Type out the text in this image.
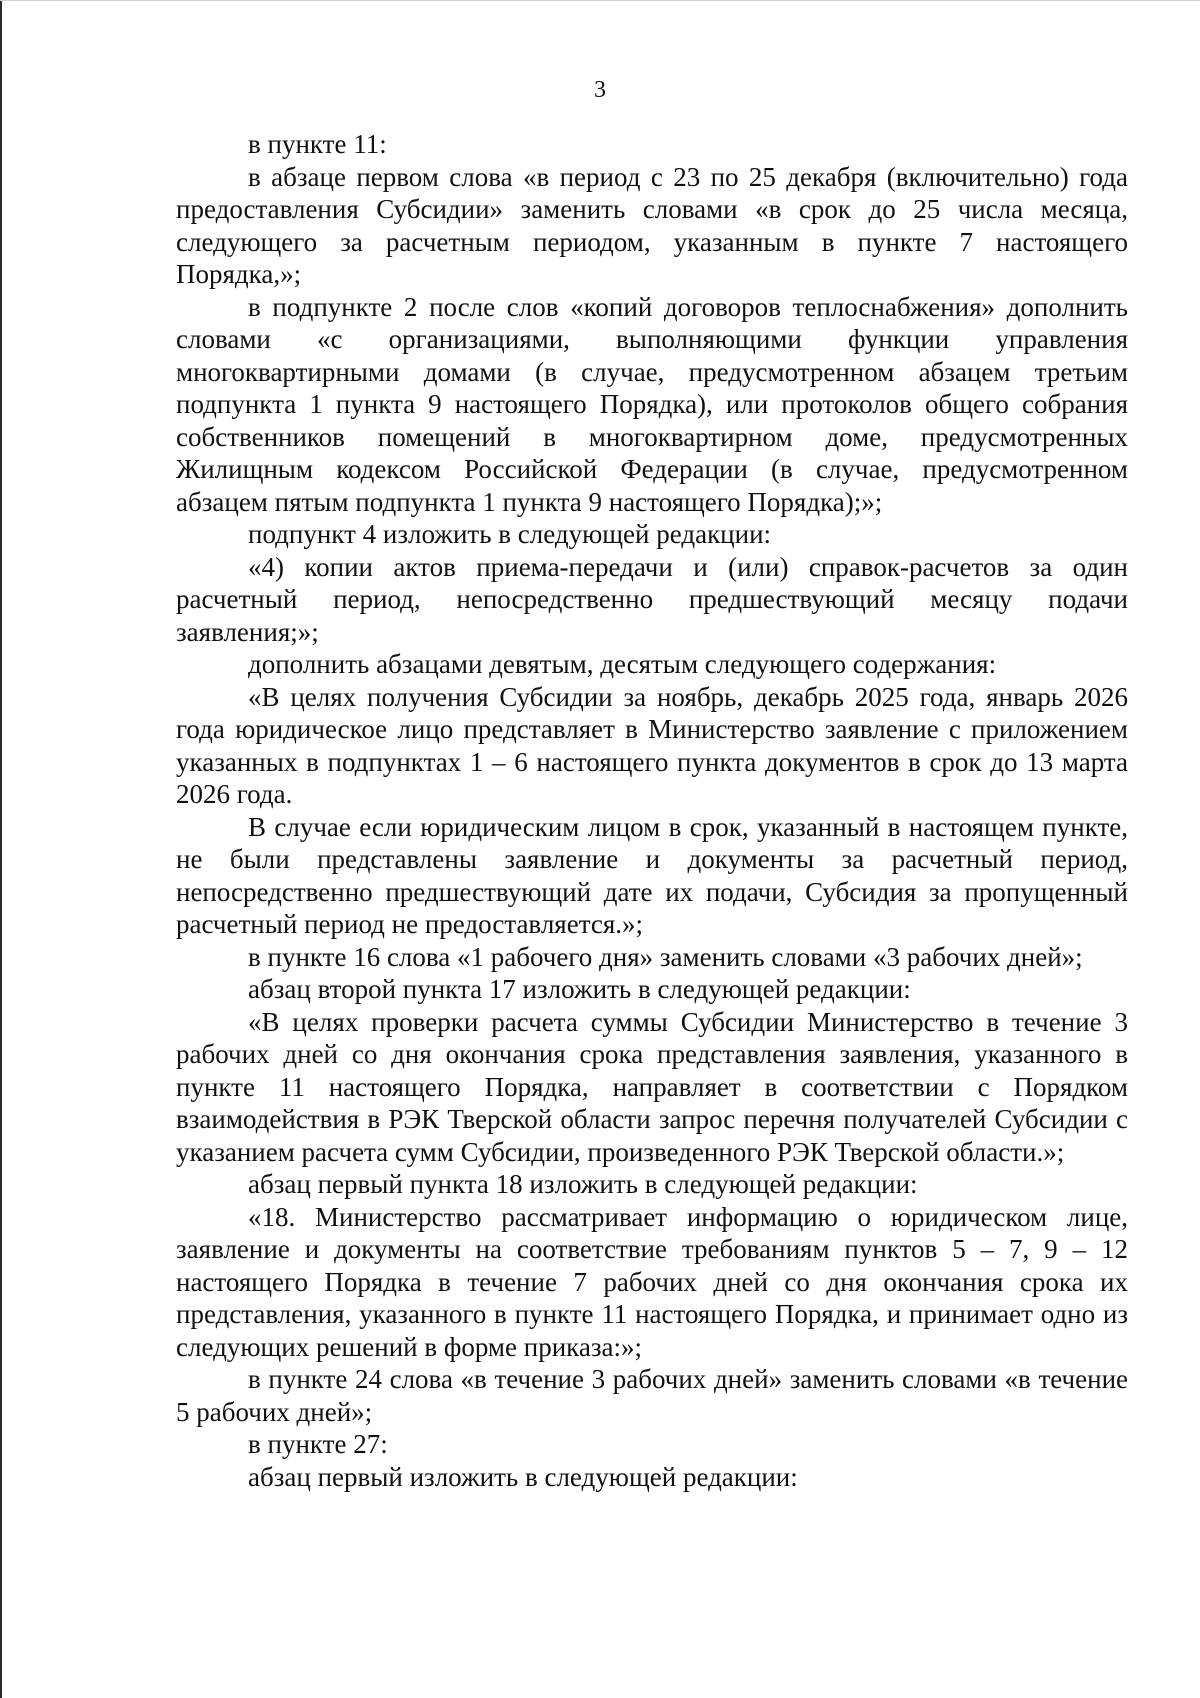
3

в пункте 11:

в абзаце первом слова «в период с 23 по 25 декабря (включительно) года предоставления Субсидии» заменить словами «в срок до 25 числа месяца, следующего за расчетным периодом, указанным в пункте 7 настоящего Порядка,»;

в подпункте 2 после слов «копий договоров теплоснабжения» дополнить словами «с организациями, выполняющими функции управления многоквартирными домами (в случае, предусмотренном абзацем третьим подпункта 1 пункта 9 настоящего Порядка), или протоколов общего собрания собственников помещений в многоквартирном доме, предусмотренных Жилищным кодексом Российской Федерации (в случае, предусмотренном абзацем пятым подпункта 1 пункта 9 настоящего Порядка);»;

подпункт 4 изложить в следующей редакции:

«4) копии актов приема-передачи и (или) справок-расчетов за один расчетный период, непосредственно предшествующий месяцу подачи заявления;»;

дополнить абзацами девятым, десятым следующего содержания:

«В целях получения Субсидии за ноябрь, декабрь 2025 года, январь 2026 года юридическое лицо представляет в Министерство заявление с приложением указанных в подпунктах 1 – 6 настоящего пункта документов в срок до 13 марта 2026 года.

В случае если юридическим лицом в срок, указанный в настоящем пункте, не были представлены заявление и документы за расчетный период, непосредственно предшествующий дате их подачи, Субсидия за пропущенный расчетный период не предоставляется.»;

в пункте 16 слова «1 рабочего дня» заменить словами «3 рабочих дней»;

абзац второй пункта 17 изложить в следующей редакции:

«В целях проверки расчета суммы Субсидии Министерство в течение 3 рабочих дней со дня окончания срока представления заявления, указанного в пункте 11 настоящего Порядка, направляет в соответствии с Порядком взаимодействия в РЭК Тверской области запрос перечня получателей Субсидии с указанием расчета сумм Субсидии, произведенного РЭК Тверской области.»;

абзац первый пункта 18 изложить в следующей редакции:

«18. Министерство рассматривает информацию о юридическом лице, заявление и документы на соответствие требованиям пунктов 5 – 7, 9 – 12 настоящего Порядка в течение 7 рабочих дней со дня окончания срока их представления, указанного в пункте 11 настоящего Порядка, и принимает одно из следующих решений в форме приказа:»;

в пункте 24 слова «в течение 3 рабочих дней» заменить словами «в течение 5 рабочих дней»;

в пункте 27:

абзац первый изложить в следующей редакции:
